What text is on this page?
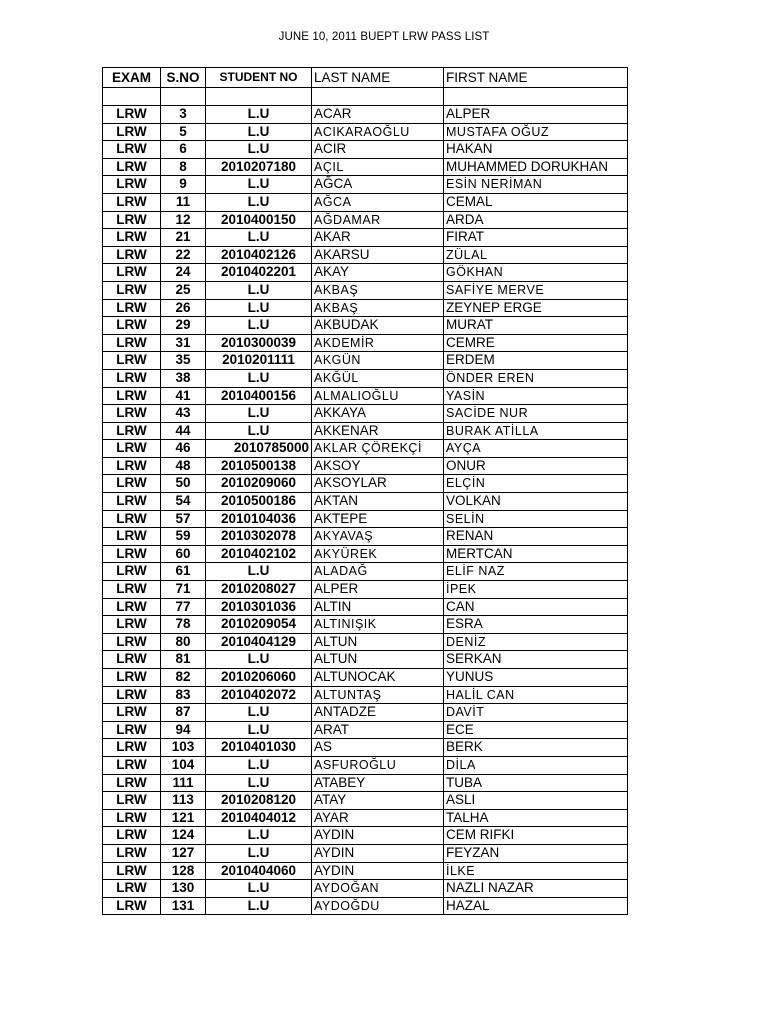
JUNE 10, 2011 BUEPT LRW PASS LIST
EXAM	S.NO	STUDENT NO	LAST NAME	FIRST NAME

LRW	3	L.U	ACAR	ALPER
LRW	5	L.U	ACIKARAOĞLU	MUSTAFA OĞUZ
LRW	6	L.U	ACIR	HAKAN
LRW	8	2010207180	AÇIL	MUHAMMED DORUKHAN
LRW	9	L.U	AĞCA	ESİN NERİMAN
LRW	11	L.U	AĞCA	CEMAL
LRW	12	2010400150	AĞDAMAR	ARDA
LRW	21	L.U	AKAR	FIRAT
LRW	22	2010402126	AKARSU	ZÜLAL
LRW	24	2010402201	AKAY	GÖKHAN
LRW	25	L.U	AKBAŞ	SAFİYE MERVE
LRW	26	L.U	AKBAŞ	ZEYNEP ERGE
LRW	29	L.U	AKBUDAK	MURAT
LRW	31	2010300039	AKDEMİR	CEMRE
LRW	35	2010201111	AKGÜN	ERDEM
LRW	38	L.U	AKĞÜL	ÖNDER EREN
LRW	41	2010400156	ALMALIOĞLU	YASİN
LRW	43	L.U	AKKAYA	SACİDE NUR
LRW	44	L.U	AKKENAR	BURAK ATİLLA
LRW	46	2010785000	AKLAR ÇÖREKÇİ	AYÇA
LRW	48	2010500138	AKSOY	ONUR
LRW	50	2010209060	AKSOYLAR	ELÇİN
LRW	54	2010500186	AKTAN	VOLKAN
LRW	57	2010104036	AKTEPE	SELİN
LRW	59	2010302078	AKYAVAŞ	RENAN
LRW	60	2010402102	AKYÜREK	MERTCAN
LRW	61	L.U	ALADAĞ	ELİF NAZ
LRW	71	2010208027	ALPER	İPEK
LRW	77	2010301036	ALTIN	CAN
LRW	78	2010209054	ALTINIŞIK	ESRA
LRW	80	2010404129	ALTUN	DENİZ
LRW	81	L.U	ALTUN	SERKAN
LRW	82	2010206060	ALTUNOCAK	YUNUS
LRW	83	2010402072	ALTUNTAŞ	HALİL CAN
LRW	87	L.U	ANTADZE	DAVİT
LRW	94	L.U	ARAT	ECE
LRW	103	2010401030	AS	BERK
LRW	104	L.U	ASFUROĞLU	DİLA
LRW	111	L.U	ATABEY	TUBA
LRW	113	2010208120	ATAY	ASLI
LRW	121	2010404012	AYAR	TALHA
LRW	124	L.U	AYDIN	CEM RIFKI
LRW	127	L.U	AYDIN	FEYZAN
LRW	128	2010404060	AYDIN	İLKE
LRW	130	L.U	AYDOĞAN	NAZLI NAZAR
LRW	131	L.U	AYDOĞDU	HAZAL
